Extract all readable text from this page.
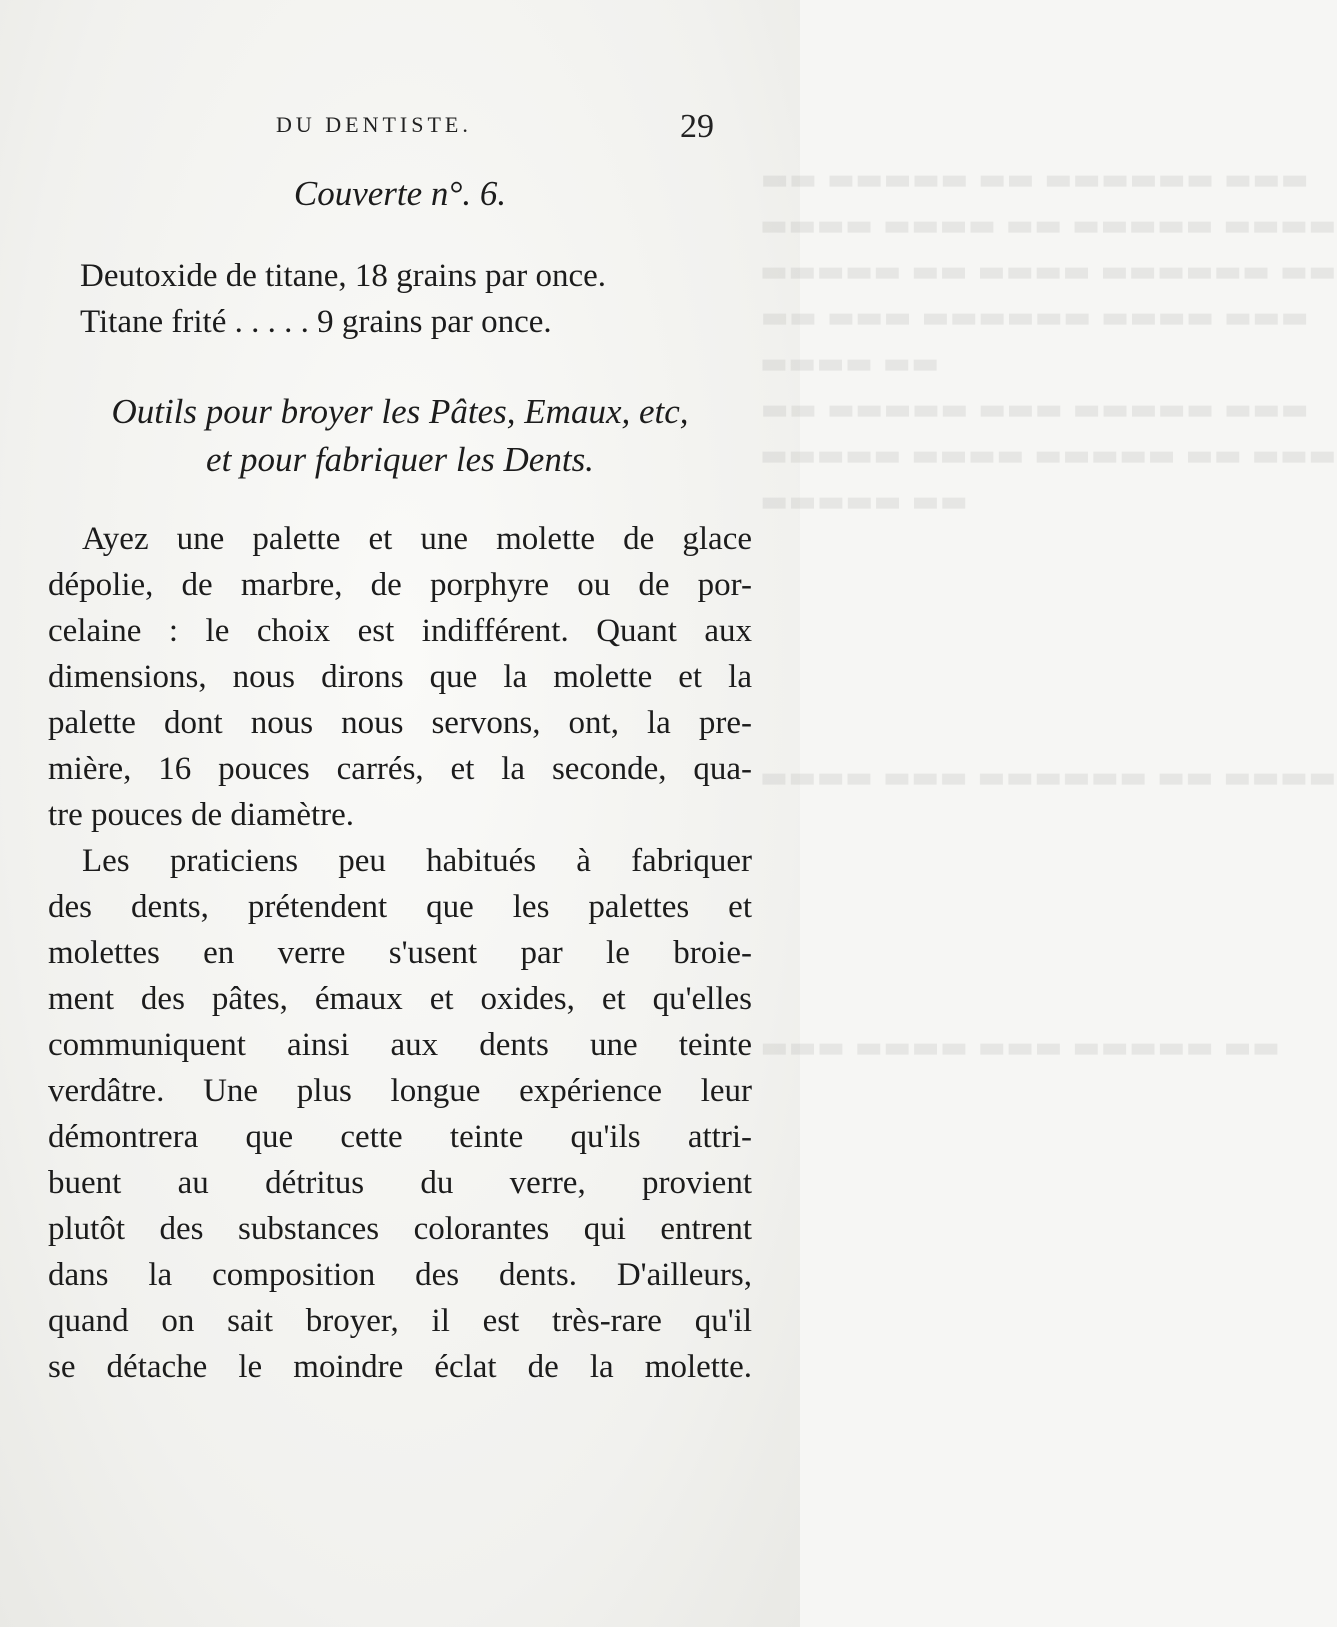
▬▬▬ ▬▬▬▬▬▬ ▬▬ ▬▬▬▬▬ ▬▬
▬▬▬▬ ▬▬▬▬▬ ▬▬ ▬▬▬▬ ▬▬▬▬
▬▬ ▬▬▬▬▬▬ ▬▬▬▬ ▬▬ ▬▬▬▬▬
▬▬▬ ▬▬▬▬ ▬▬▬▬▬▬ ▬▬▬ ▬▬
▬▬ ▬▬▬▬
▬▬▬ ▬▬▬▬▬ ▬▬▬ ▬▬▬▬▬ ▬▬
▬▬▬ ▬▬ ▬▬▬▬▬ ▬▬▬▬ ▬▬▬▬▬
▬▬ ▬▬▬▬▬
▬▬▬▬ ▬▬ ▬▬▬▬▬▬ ▬▬▬ ▬▬▬▬
▬▬ ▬▬▬▬▬ ▬▬▬ ▬▬▬▬ ▬▬▬
DU DENTISTE.	29
Couverte n°. 6.
Deutoxide de titane, 18 grains par once.
Titane frité . . . . . 9 grains par once.
Outils pour broyer les Pâtes, Emaux, etc,
et pour fabriquer les Dents.
Ayez une palette et une molette de glace
dépolie, de marbre, de porphyre ou de por-
celaine : le choix est indifférent. Quant aux
dimensions, nous dirons que la molette et la
palette dont nous nous servons, ont, la pre-
mière, 16 pouces carrés, et la seconde, qua-
tre pouces de diamètre.
Les praticiens peu habitués à fabriquer
des dents, prétendent que les palettes et
molettes en verre s'usent par le broie-
ment des pâtes, émaux et oxides, et qu'elles
communiquent ainsi aux dents une teinte
verdâtre. Une plus longue expérience leur
démontrera que cette teinte qu'ils attri-
buent au détritus du verre, provient
plutôt des substances colorantes qui entrent
dans la composition des dents. D'ailleurs,
quand on sait broyer, il est très-rare qu'il
se détache le moindre éclat de la molette.
